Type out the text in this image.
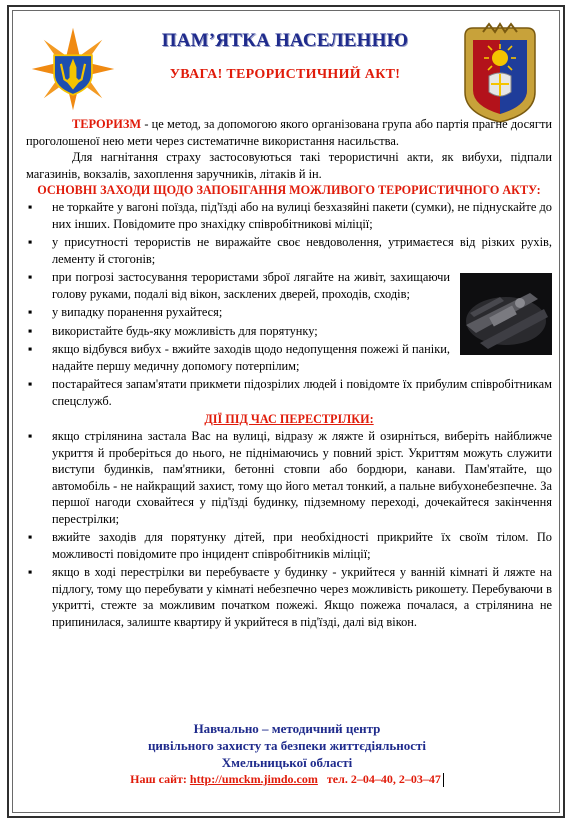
ПАМ’ЯТКА НАСЕЛЕННЮ
УВАГА! ТЕРОРИСТИЧНИЙ АКТ!

ТЕРОРИЗМ - це метод, за допомогою якого організована група або партія прагне досягти проголошеної нею мети через систематичне використання насильства.

Для нагнітання страху застосовуються такі терористичні акти, як вибухи, підпали магазинів, вокзалів, захоплення заручників, літаків й ін.

ОСНОВНІ ЗАХОДИ ЩОДО ЗАПОБІГАННЯ МОЖЛИВОГО ТЕРОРИСТИЧНОГО АКТУ:

▪ не торкайте у вагоні поїзда, під'їзді або на вулиці безхазяйні пакети (сумки), не піднуcкайте до них інших. Повідомите про знахідку співробітникові міліції;
▪ у присутності терористів не виражайте своє невдоволення, утримаєтеся від різких рухів, лементу й стогонів;
▪ при погрозі застосування терористами зброї лягайте на живіт, захищаючи голову руками, подалі від вікон, засклених дверей, проходів, сходів;
▪ у випадку поранення рухайтеся;
▪ використайте будь-яку можливість для порятунку;
▪ якщо відбувся вибух - вжийте заходів щодо недопущення пожежі й паніки, надайте першу медичну допомогу потерпілим;
▪ постарайтеся запам'ятати прикмети підозрілих людей і повідомте їх прибулим співробітникам спецслужб.

ДІЇ ПІД ЧАС ПЕРЕСТРІЛКИ:

▪ якщо стрілянина застала Вас на вулиці, відразу ж ляжте й озирніться, виберіть найближче укриття й проберіться до нього, не піднімаючись у повний зріст. Укриттям можуть служити виступи будинків, пам'ятники, бетонні стовпи або бордюри, канави. Пам'ятайте, що автомобіль - не найкращий захист, тому що його метал тонкий, а пальне вибухонебезпечне. За першої нагоди сховайтеся у під'їзді будинку, підземному переході, дочекайтеся закінчення перестрілки;
▪ вжийте заходів для порятунку дітей, при необхідності прикрийте їх своїм тілом. По можливості повідомите про інцидент співробітників міліції;
▪ якщо в ході перестрілки ви перебуваєте у будинку - укрийтеся у ванній кімнаті й ляжте на підлогу, тому що перебувати у кімнаті небезпечно через можливість рикошету. Перебуваючи в укритті, стежте за можливим початком пожежі. Якщо пожежа почалася, а стрілянина не припинилася, залиште квартиру й укрийтеся в під'їзді, далі від вікон.
Навчально – методичний центр
цивільного захисту та безпеки життєдіяльності
Хмельницької області
Наш сайт: http://umckm.jimdo.com тел. 2–04–40, 2–03–47
